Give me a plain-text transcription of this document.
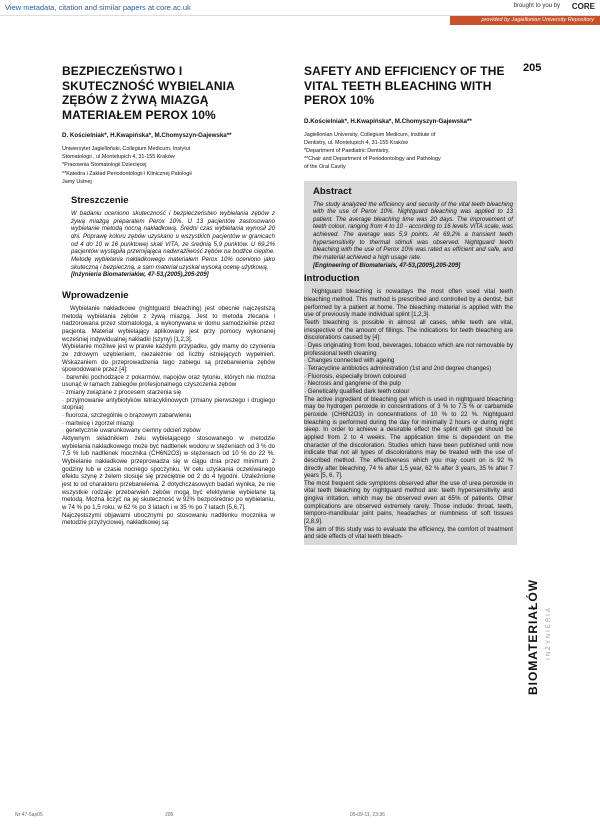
View metadata, citation and similar papers at core.ac.uk	brought to you by CORE
provided by Jagiellonian University Repository
205
BEZPIECZEŃSTWO I SKUTECZNOŚĆ WYBIELANIA ZĘBÓW Z ŻYWĄ MIAZGĄ MATERIAŁEM PEROX 10%
D. Kościelniak*, H.Kwapińska*, M.Chomyszyn-Gajewska**
Uniwersytet Jagielloński, Collegium Medicum, Instytut
Stomatologii , ul.Montelupich 4, 31-155 Kraków
*Pracownia Stomatologii Dziecięcej
**Katedra i Zakład Periodontologii i Klinicznej Patologii
Jamy Ustnej
Streszczenie
W badaniu oceniono skuteczność i bezpieczeństwo wybielania zębów z żywą miazgą preparatem Perox 10%. U 13 pacjentów zastosowano wybielanie metodą nocną nakładkową. Średni czas wybielania wynosił 20 dni. Poprawę koloru zębów uzyskano u wszystkich pacjentów w granicach od 4 do 10 w 16 punktowej skali VITA, ze średnią 5,9 punktów. U 69,2% pacjentów wystąpiła przemijająca nadwrażliwość zębów na bodźce cieplne. Metodę wybielania nakładkowego materiałem Perox 10% oceniono jako skuteczną i bezpieczną, a sam materiał uzyskał wysoką ocenę użytkową.
[Inżynieria Biomateriałów, 47-53,(2005),205-209]
Wprowadzenie

Wybielanie nakładkowe (nightguard bleaching) jest obecnie najczęstszą metodą wybielania zębów z żywą miazgą. Jest to metoda zlecana i nadzorowana przez stomatologa, a wykonywana w domu samodzielnie przez pacjenta. Materiał wybielający aplikowany jest przy pomocy wykonanej wcześniej indywidualnej nakładki (szyny) [1,2,3].

Wybielanie możliwe jest w prawie każdym przypadku, gdy mamy do czynienia ze zdrowym uzębieniem, niezależnie od liczby istniejących wypełnień. Wskazaniem do przeprowadzenia tego zabiegu są przebarwienia zębów spowodowane przez [4]:

· barwniki pochodzące z pokarmów, napojów oraz tytoniu, których nie można usunąć w ramach zabiegów profesjonalnego czyszczenia zębów

· zmiany związane z procesem starzenia się

· przyjmowanie antybiotyków tetracyklinowych (zmiany pierwszego i drugiego stopnia)

· fluoroza, szczególnie o brązowym zabarwieniu

· martwicę i zgorzel miazgi

· genetycznie uwarunkowany ciemny odcień zębów

Aktywnym składnikiem żelu wybielającego stosowanego w metodzie wybielania nakładkowego może być nadtlenek wodoru w stężeniach od 3 % do 7,5 % lub nadtlenek mocznika (CH6N2O3) w stężeniach od 10 % do 22 %. Wybielanie nakładkowe przeprowadza się w ciągu dnia przez minimum 2 godziny lub w czasie nocnego spoczynku. W celu uzyskania oczekiwanego efektu szynę z żelem stosuje się przeciętnie od 2 do 4 tygodni. Uzależnione jest to od charakteru przebarwienia. Z dotychczasowych badań wynika, że nie wszystkie rodzaje przebarwień zębów mogą być efektywnie wybielane tą metodą. Można liczyć na jej skuteczność w 92% bezpośrednio po wybielaniu, w 74 % po 1,5 roku, w 62 % po 3 latach i w 35 % po 7 latach [5,6,7].

Najczęstszymi objawami ubocznymi po stosowaniu nadtlenku mocznika w metodzie przyżyciowej, nakładkowej są:

SAFETY AND EFFICIENCY OF THE VITAL TEETH BLEACHING WITH PEROX 10%
D.Kościelniak*, H.Kwapińska*, M.Chomyszyn-Gajewska**
Jagiellonian University, Collegium Medicum, Institute of
Dentistry, ul. Montelupich 4, 31-155 Kraków
*Department of Paediatric Dentistry,
**Chair and Department of Periodontology and Pathology
of the Oral Cavity
Abstract
The study analyzed the efficiency and security of the vital teeth bleaching with the use of Perox 10%. Nightguard bleaching was applied to 13 patient. The average bleaching time was 20 days. The improvement of teeth colour, ranging from 4 to 10 - according to 16 levels VITA scale, was achieved. The average was 5,9 points. At 69,2% a transient teeth hypersensitivity to thermal stimuli was observed. Nightguard teeth bleaching with the use of Perox 10% was rated as efficient and safe, and the material achieved a high usage rate.
[Engineering of Biomaterials, 47-53,(2005),205-209]
Introduction

Nightguard bleaching is nowadays the most often used vital teeth bleaching method. This method is prescribed and controlled by a dentist, but performed by a patient at home. The bleaching material is applied with the use of previously made individual splint [1,2,3].

Teeth bleaching is possible in almost all cases, while teeth are vital, irrespective of the amount of fillings. The indications for teeth bleaching are discolorations caused by [4]:

· Dyes originating from food, beverages, tobacco which are not removable by professional teeth cleaning

· Changes connected with ageing

· Tetracycline antibiotics administration (1st and 2nd degree changes)

· Fluorosis, especially brown coloured

· Necrosis and gangrene of the pulp

· Genetically qualified dark teeth colour

The active ingredient of bleaching gel which is used in nightguard bleaching may be hydrogen peroxide in concentrations of 3 % to 7.5 % or carbamide peroxide (CH6N2O3) in concentrations of 10 % to 22 %. Nightguard bleaching is performed during the day for minimally 2 hours or during night sleep. In order to achieve a desirable effect the splint with gel should be applied from 2 to 4 weeks. The application time is dependent on the character of the discoloration. Studies which have been published until now indicate that not all types of discolorations may be treated with the use of described method. The effectiveness which you may count on is 92 % directly after bleaching, 74 % after 1,5 year, 62 % after 3 years, 35 % after 7 years [5, 6, 7].

The most frequent side symptoms observed after the use of urea peroxide in vital teeth bleaching by nightguard method are: teeth hypersensitivity and gingiva irritation, which may be observed even at 65% of patients. Other complications are observed extremely rarely. Those include: throat, teeth, temporo-mandibular joint pains, headaches or numbness of soft tissues [2,8,9].

The aim of this study was to evaluate the efficiency, the comfort of treatment and side effects of vital teeth bleach-

INŻYNIERIA
BIOMATERIAŁÓW
Nr 47-5ap05	205	05-09-11, 23:36
